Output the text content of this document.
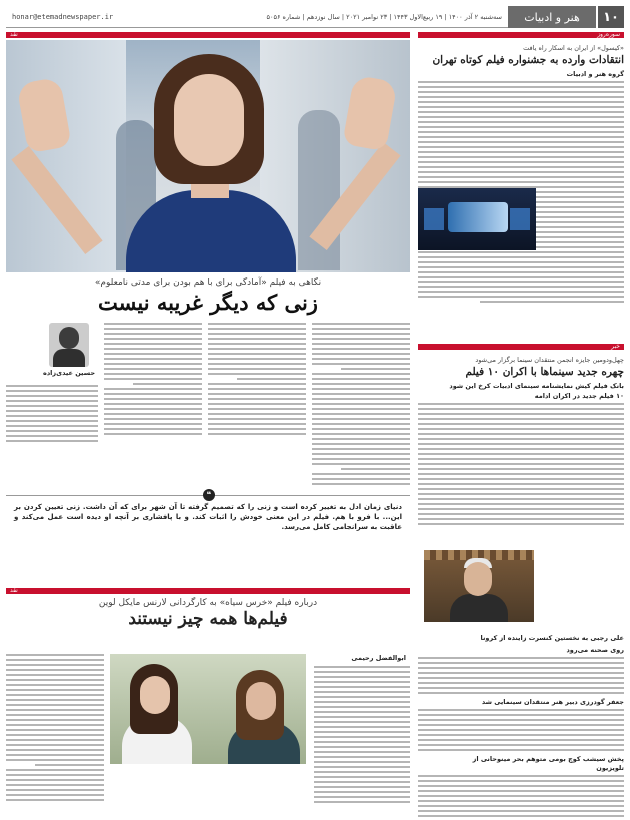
۱۰
هنر و ادبیات
honar@etemadnewspaper.ir	سه‌شنبه ۲ آذر ۱۴۰۰ | ۱۹ ربیع‌الاول ۱۴۴۳ | ۲۳ نوامبر ۲۰۲۱ | سال نوزدهم | شماره ۵۰۵۶
نقد
نگاهی به فیلم «آمادگی برای با هم بودن برای مدتی نامعلوم»
زنی که دیگر غریبه نیست
حسین عیدی‌زاده
❝
دنیای زمان ادل به تغییر کرده است و زنی را که تصمیم گرفته تا آن شهر برای که آن داشت. زنی تعیین کردن بر این... با فرو با هم. فیلم در این معنی خودش را اثبات کند. و با پافشاری بر آنچه او دیده است عمل می‌کند و عاقبت به سرانجامی کامل می‌رسد.
نقد
درباره فیلم «خرس سیاه» به کارگردانی لارنس مایکل لوین
فیلم‌ها همه چیز نیستند
ابوالفضل رحیمی
سوره‌روز
«کیسول» از ایران به اسکار راه یافت
انتقادات وارده به جشنواره فیلم کوتاه تهران
گروه هنر و ادبیات
خبر
چهل‌ودومین جایزه انجمن منتقدان سینما برگزار می‌شود
چهره جدید سینماها با اکران ۱۰ فیلم
بانک فیلم کیش نمایشنامه سینمای ادبیات کرخ این شود
۱۰ فیلم جدید در اکران ادامه
علی رجبی به نخستین کنسرت زاینده از کرونا
روی صحنه می‌رود
جعفر گودرزی دبیر هنر منتقدان سینمایی شد
پخش سیشب کوچ بومی متوهم بحر مینوحانی از
تلویزیون
